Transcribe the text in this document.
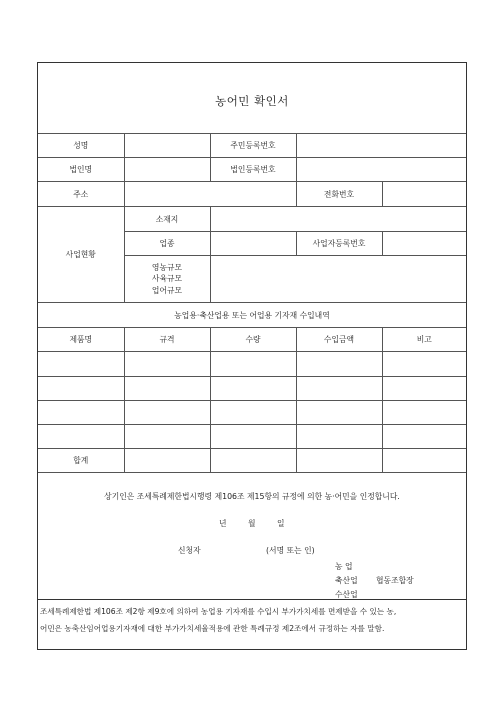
농어민 확인서
성명		주민등록번호		
법인명		법인등록번호		
주소			전화번호	
사업현황	소재지			
	업종		사업자등록번호	

	영농규모
사육규모
업어규모			

농업용·축산업용 또는 어업용 기자재 수입내역				
제품명	규격	수량	수입금액	비고

합계				
상기인은 조세특례제한법시행령 제106조 제15항의 규정에 의한 농·어민을 인정합니다.
년	월	일
신청자	(서명 또는 인)
농 업
축산업
수산업
협동조합장
조세특례제한법 제106조 제2항 제9호에 의하여 농업용 기자재를 수입시 부가가치세를 면제받을 수 있는 농,
어민은 농축산임어업용기자재에 대한 부가가치세율적용에 관한 특례규정 제2조에서 규정하는 자를 말함.
